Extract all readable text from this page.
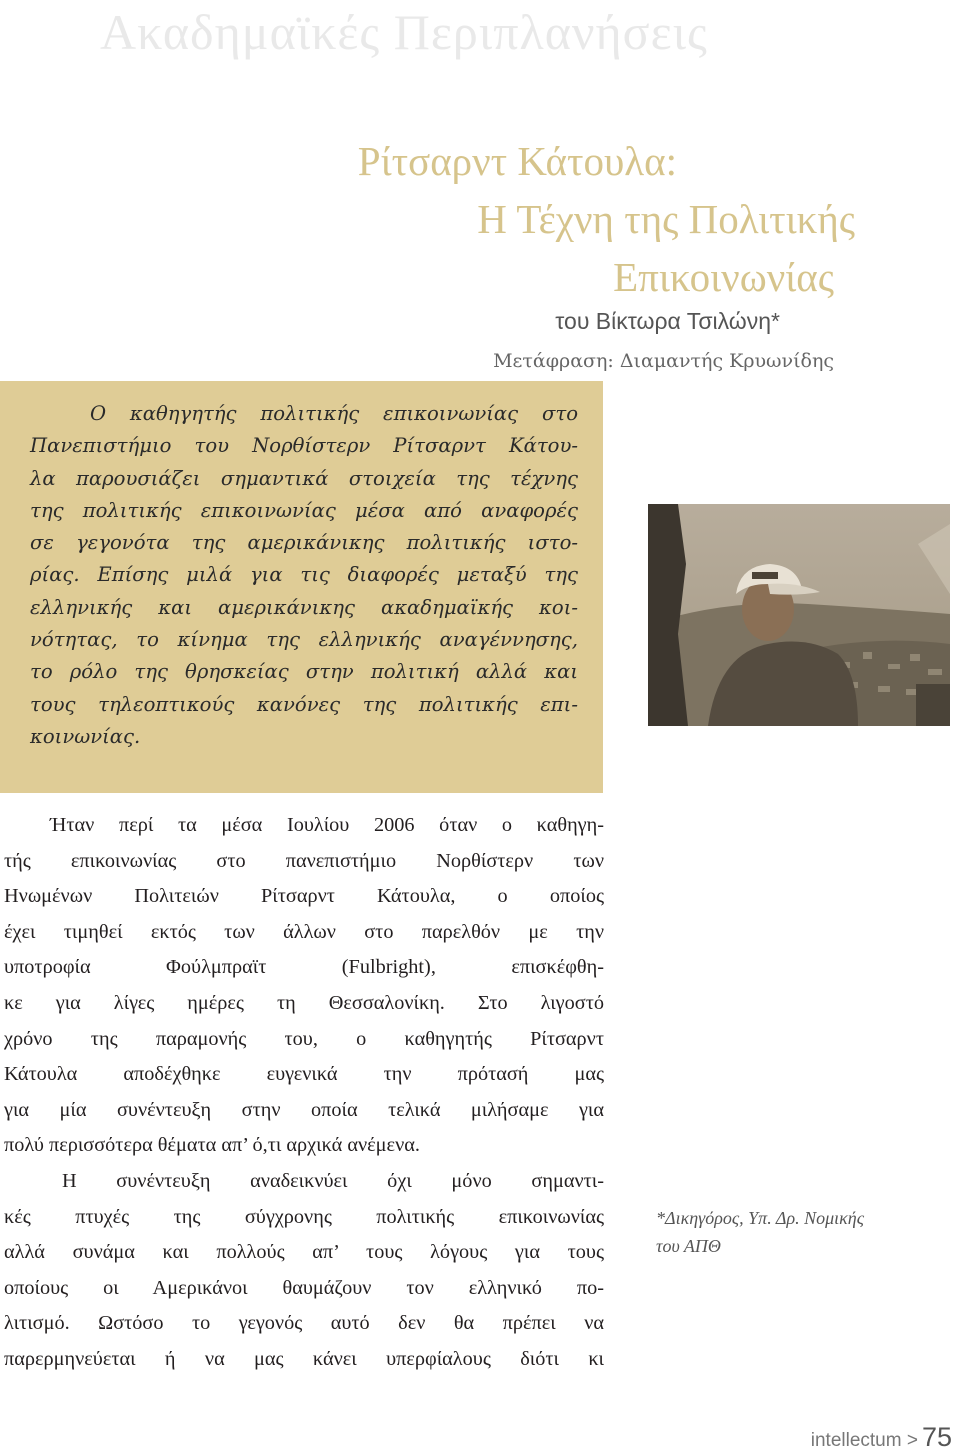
Ακαδημαϊκές Περιπλανήσεις
Ρίτσαρντ Κάτουλα:
Η Τέχνη της Πολιτικής
Επικοινωνίας
του Βίκτωρα Τσιλώνη*
Μετάφραση: Διαμαντής Κρυωνίδης
Ο καθηγητής πολιτικής επικοινωνίας στο
Πανεπιστήμιο του Νορθίστερν Ρίτσαρντ Κάτου-
λα παρουσιάζει σημαντικά στοιχεία της τέχνης
της πολιτικής επικοινωνίας μέσα από αναφορές
σε γεγονότα της αμερικάνικης πολιτικής ιστο-
ρίας. Επίσης μιλά για τις διαφορές μεταξύ της
ελληνικής και αμερικάνικης ακαδημαϊκής κοι-
νότητας, το κίνημα της ελληνικής αναγέννησης,
το ρόλο της θρησκείας στην πολιτική αλλά και
τους τηλεοπτικούς κανόνες της πολιτικής επι-
κοινωνίας.
Ήταν περί τα μέσα Ιουλίου 2006 όταν ο καθηγη-
τής επικοινωνίας στο πανεπιστήμιο Νορθίστερν των
Ηνωμένων Πολιτειών Ρίτσαρντ Κάτουλα, ο οποίος
έχει τιμηθεί εκτός των άλλων στο παρελθόν με την
υποτροφία Φούλμπραϊτ (Fulbright), επισκέφθη-
κε για λίγες ημέρες τη Θεσσαλονίκη. Στο λιγοστό
χρόνο της παραμονής του, ο καθηγητής Ρίτσαρντ
Κάτουλα αποδέχθηκε ευγενικά την πρότασή μας
για μία συνέντευξη στην οποία τελικά μιλήσαμε για
πολύ περισσότερα θέματα απ’ ό,τι αρχικά ανέμενα.
Η συνέντευξη αναδεικνύει όχι μόνο σημαντι-
κές πτυχές της σύγχρονης πολιτικής επικοινωνίας
αλλά συνάμα και πολλούς απ’ τους λόγους για τους
οποίους οι Αμερικάνοι θαυμάζουν τον ελληνικό πο-
λιτισμό. Ωστόσο το γεγονός αυτό δεν θα πρέπει να
παρερμηνεύεται ή να μας κάνει υπερφίαλους διότι κι
*Δικηγόρος, Υπ. Δρ. Νομικής
του ΑΠΘ
intellectum > 75
